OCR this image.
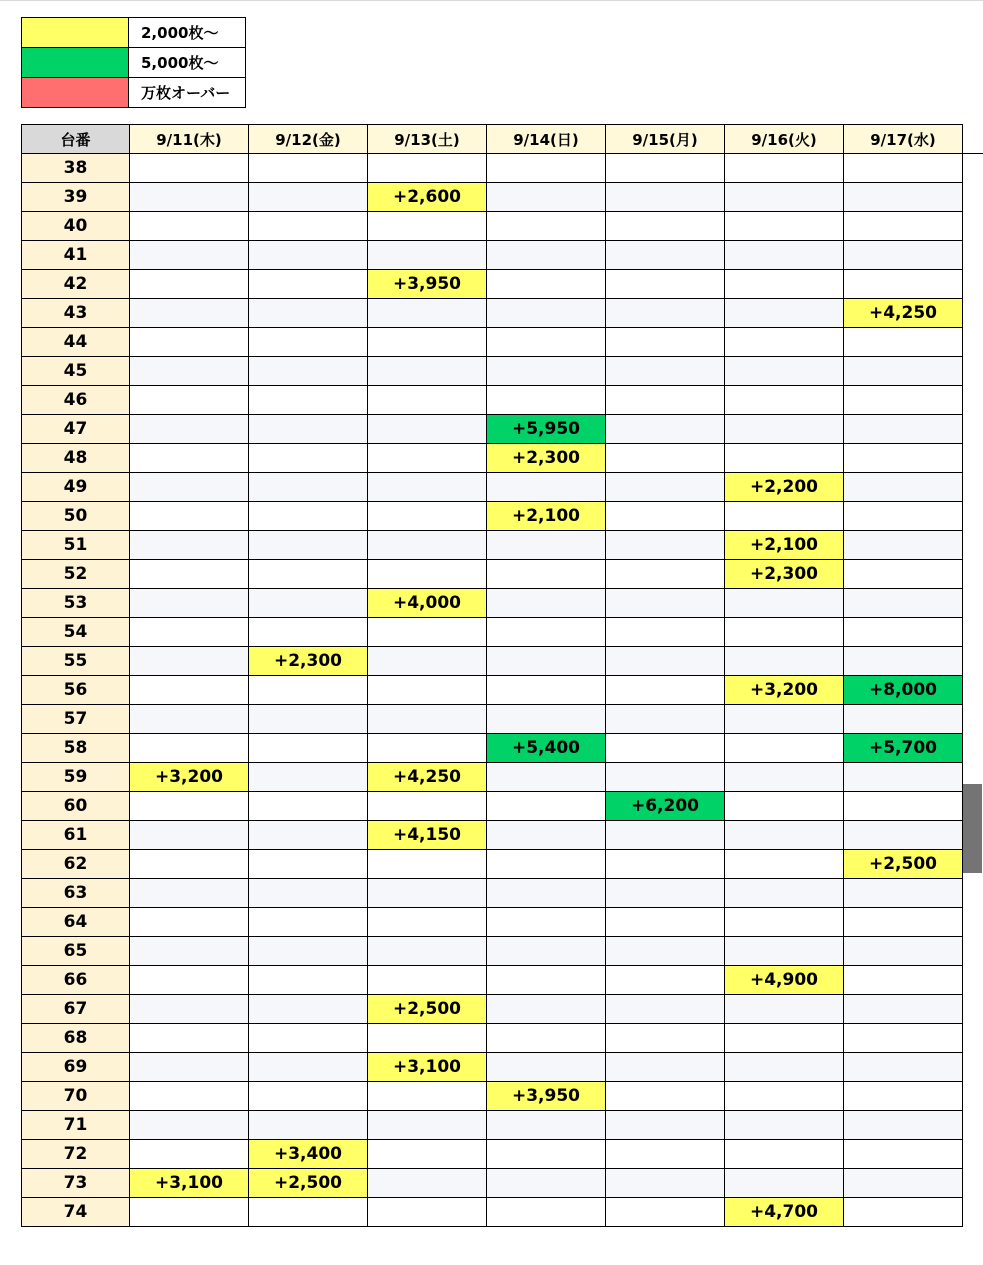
	2,000枚〜
	5,000枚〜
	万枚オーバー
台番	9/11(木)	9/12(金)	9/13(土)	9/14(日)	9/15(月)	9/16(火)	9/17(水)	
38								
39			+2,600					
40								
41								
42			+3,950					
43							+4,250	
44								
45								
46								
47				+5,950				
48				+2,300				
49						+2,200		
50				+2,100				
51						+2,100		
52						+2,300		
53			+4,000					
54								
55		+2,300						
56						+3,200	+8,000	
57								
58				+5,400			+5,700	
59	+3,200		+4,250					
60					+6,200			
61			+4,150					
62							+2,500	
63								
64								
65								
66						+4,900		
67			+2,500					
68								
69			+3,100					
70				+3,950				
71								
72		+3,400						
73	+3,100	+2,500						
74						+4,700		
